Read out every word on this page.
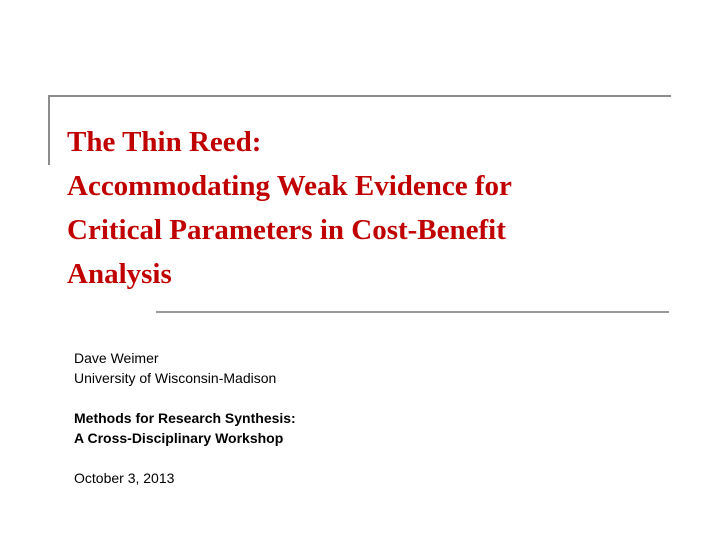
The Thin Reed:
Accommodating Weak Evidence for
Critical Parameters in Cost-Benefit
Analysis
Dave Weimer
University of Wisconsin-Madison
Methods for Research Synthesis:
A Cross-Disciplinary Workshop
October 3, 2013
